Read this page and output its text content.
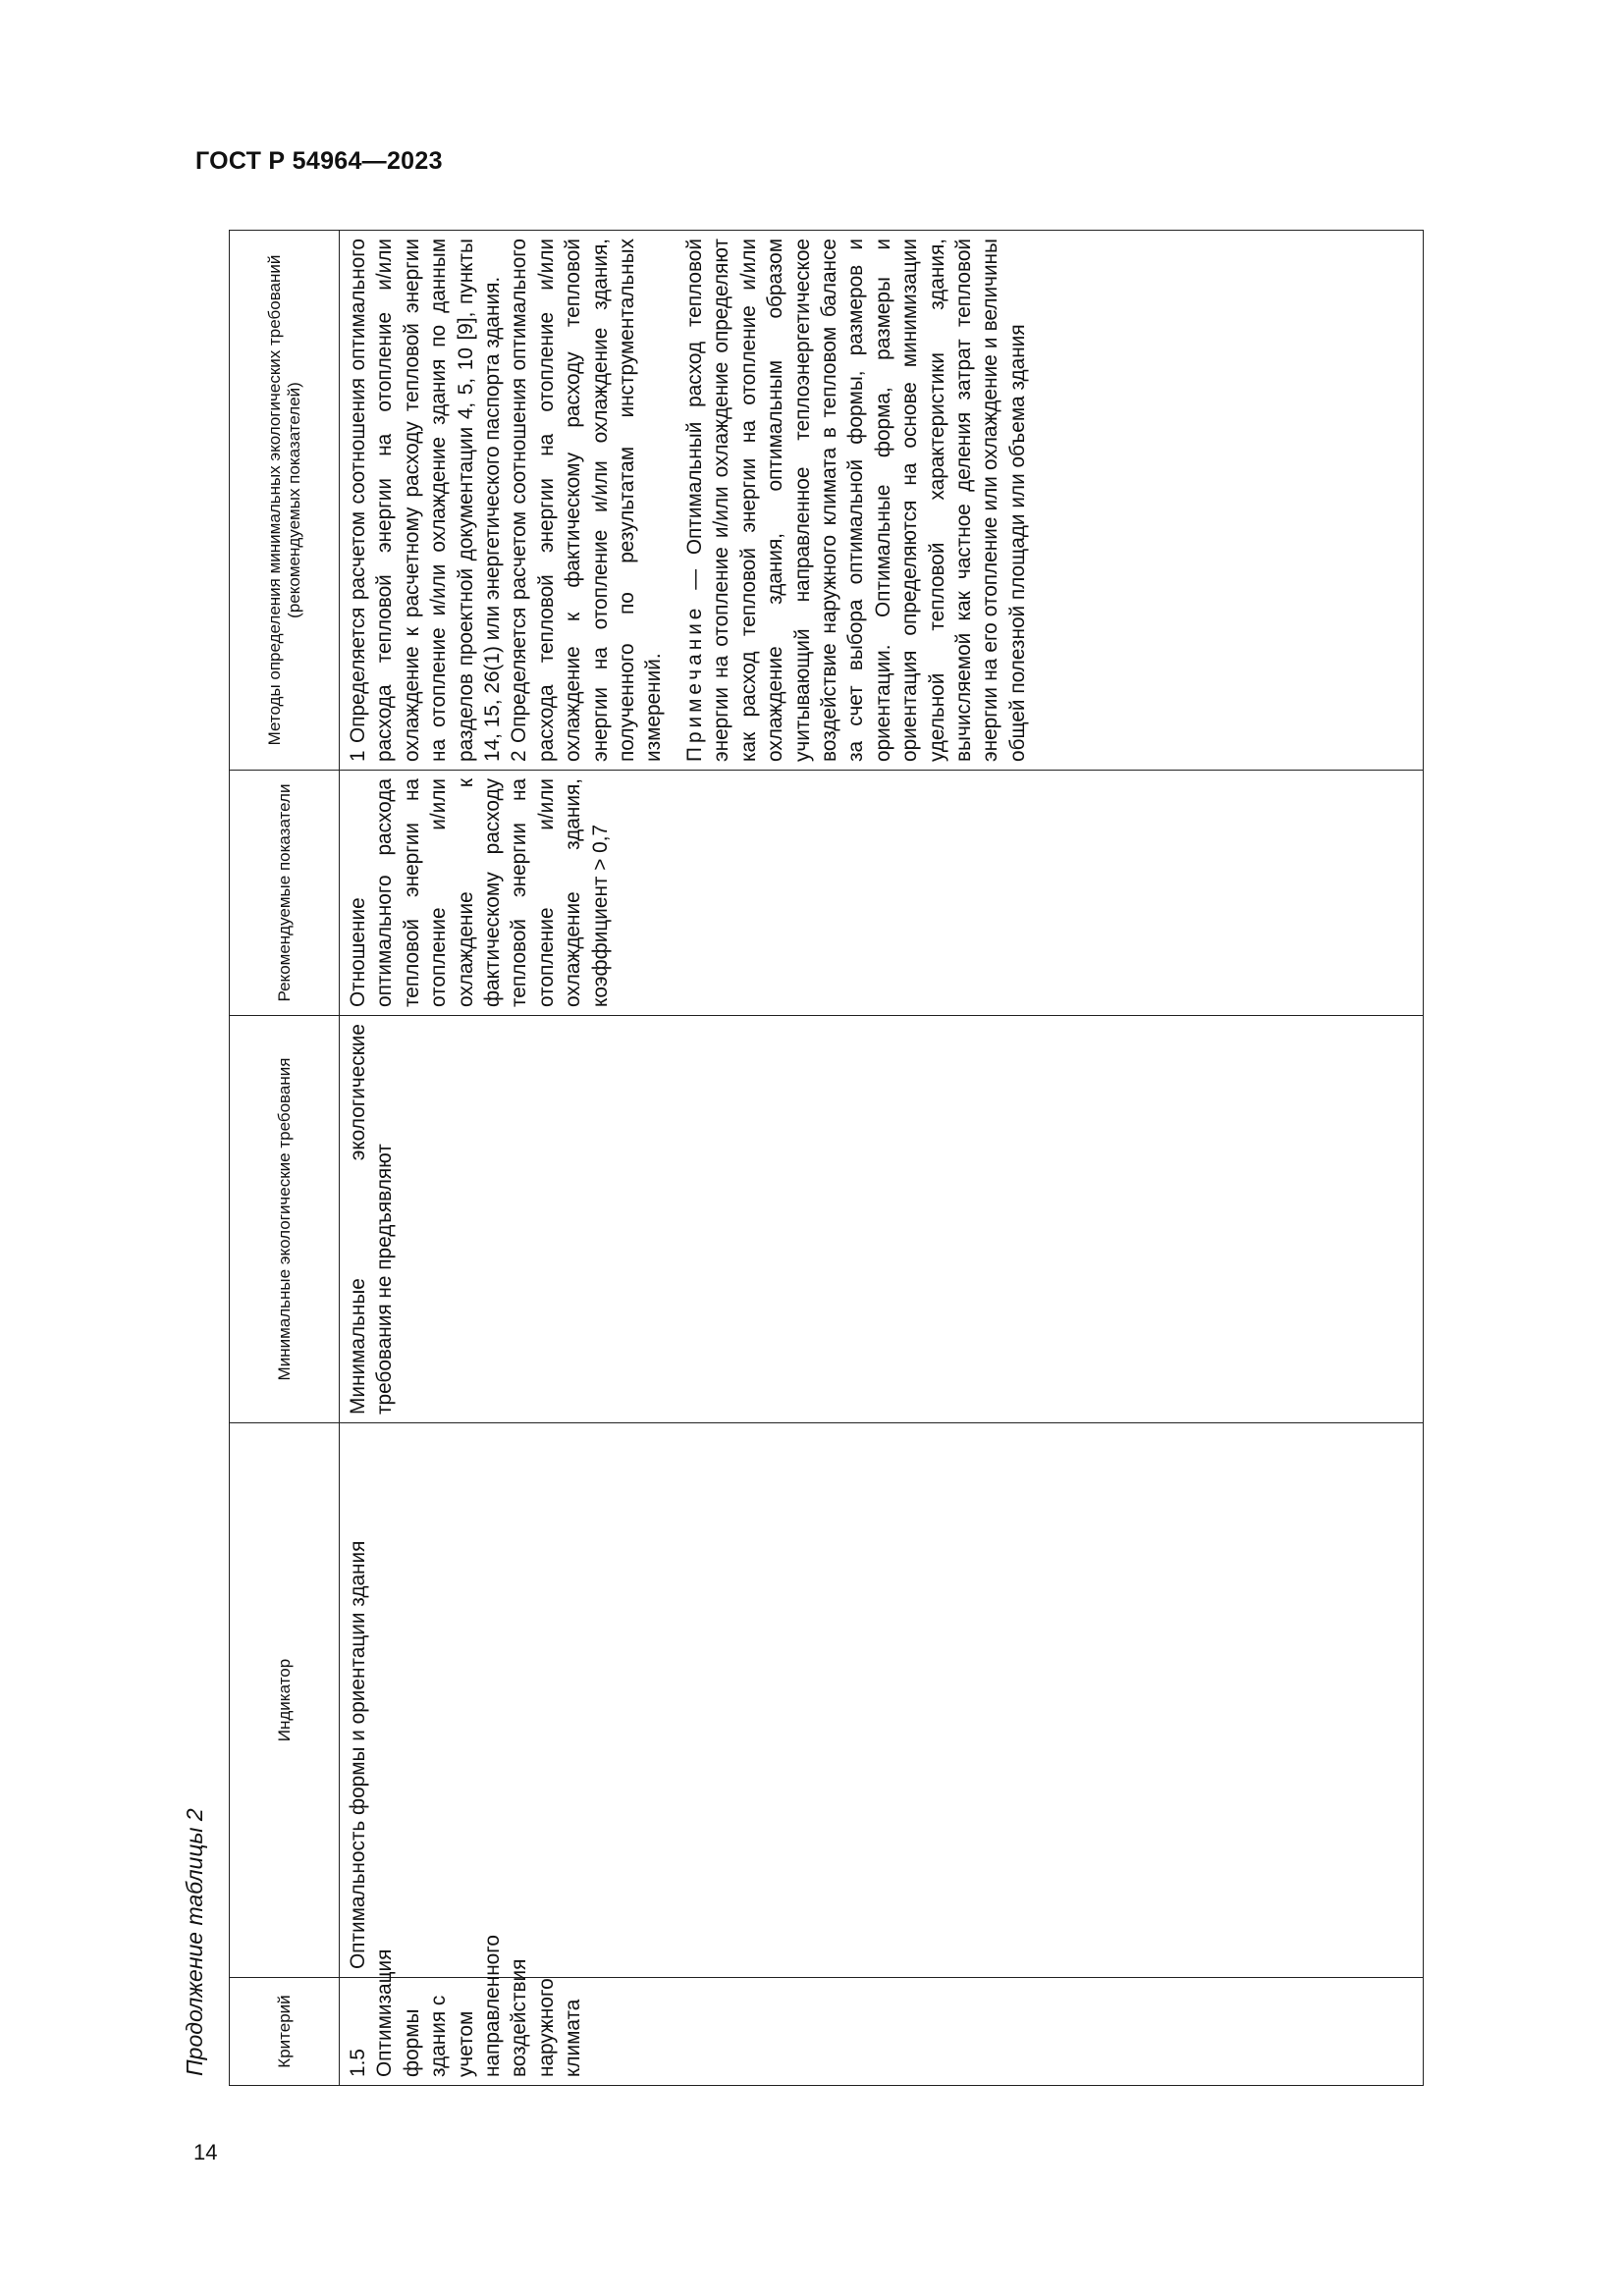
ГОСТ Р 54964—2023
Продолжение таблицы 2	Критерий	Индикатор	Минимальные экологические требования	Рекомендуемые показатели	Методы определения минимальных экологических требований (рекомендуемых показателей)
1.5 Оптимизация формы здания с учетом направленного воздействия наружного климата	Оптимальность формы и ориентации здания	Минимальные экологические требования не предъявляют	Отношение оптимального расхода тепловой энергии на отопление и/или охлаждение к фактическому расходу тепловой энергии на отопление и/или охлаждение здания, коэффициент > 0,7	1 Определяется расчетом соотношения оптимального расхода тепловой энергии на отопление и/или охлаждение к расчетному расходу тепловой энергии на отопление и/или охлаждение здания по данным разделов проектной документации 4, 5, 10 [9], пункты 14, 15, 26(1) или энергетического паспорта здания. 2 Определяется расчетом соотношения оптимального расхода тепловой энергии на отопление и/или охлаждение к фактическому расходу тепловой энергии на отопление и/или охлаждение здания, полученного по результатам инструментальных измерений. Примечание — Оптимальный расход тепловой энергии на отопление и/или охлаждение определяют как расход тепловой энергии на отопление и/или охлаждение здания, оптимальным образом учитывающий направленное теплоэнергетическое воздействие наружного климата в тепловом балансе за счет выбора оптимальной формы, размеров и ориентации. Оптимальные форма, размеры и ориентация определяются на основе минимизации удельной тепловой характеристики здания, вычисляемой как частное деления затрат тепловой энергии на его отопление или охлаждение и величины общей полезной площади или объема здания

14
